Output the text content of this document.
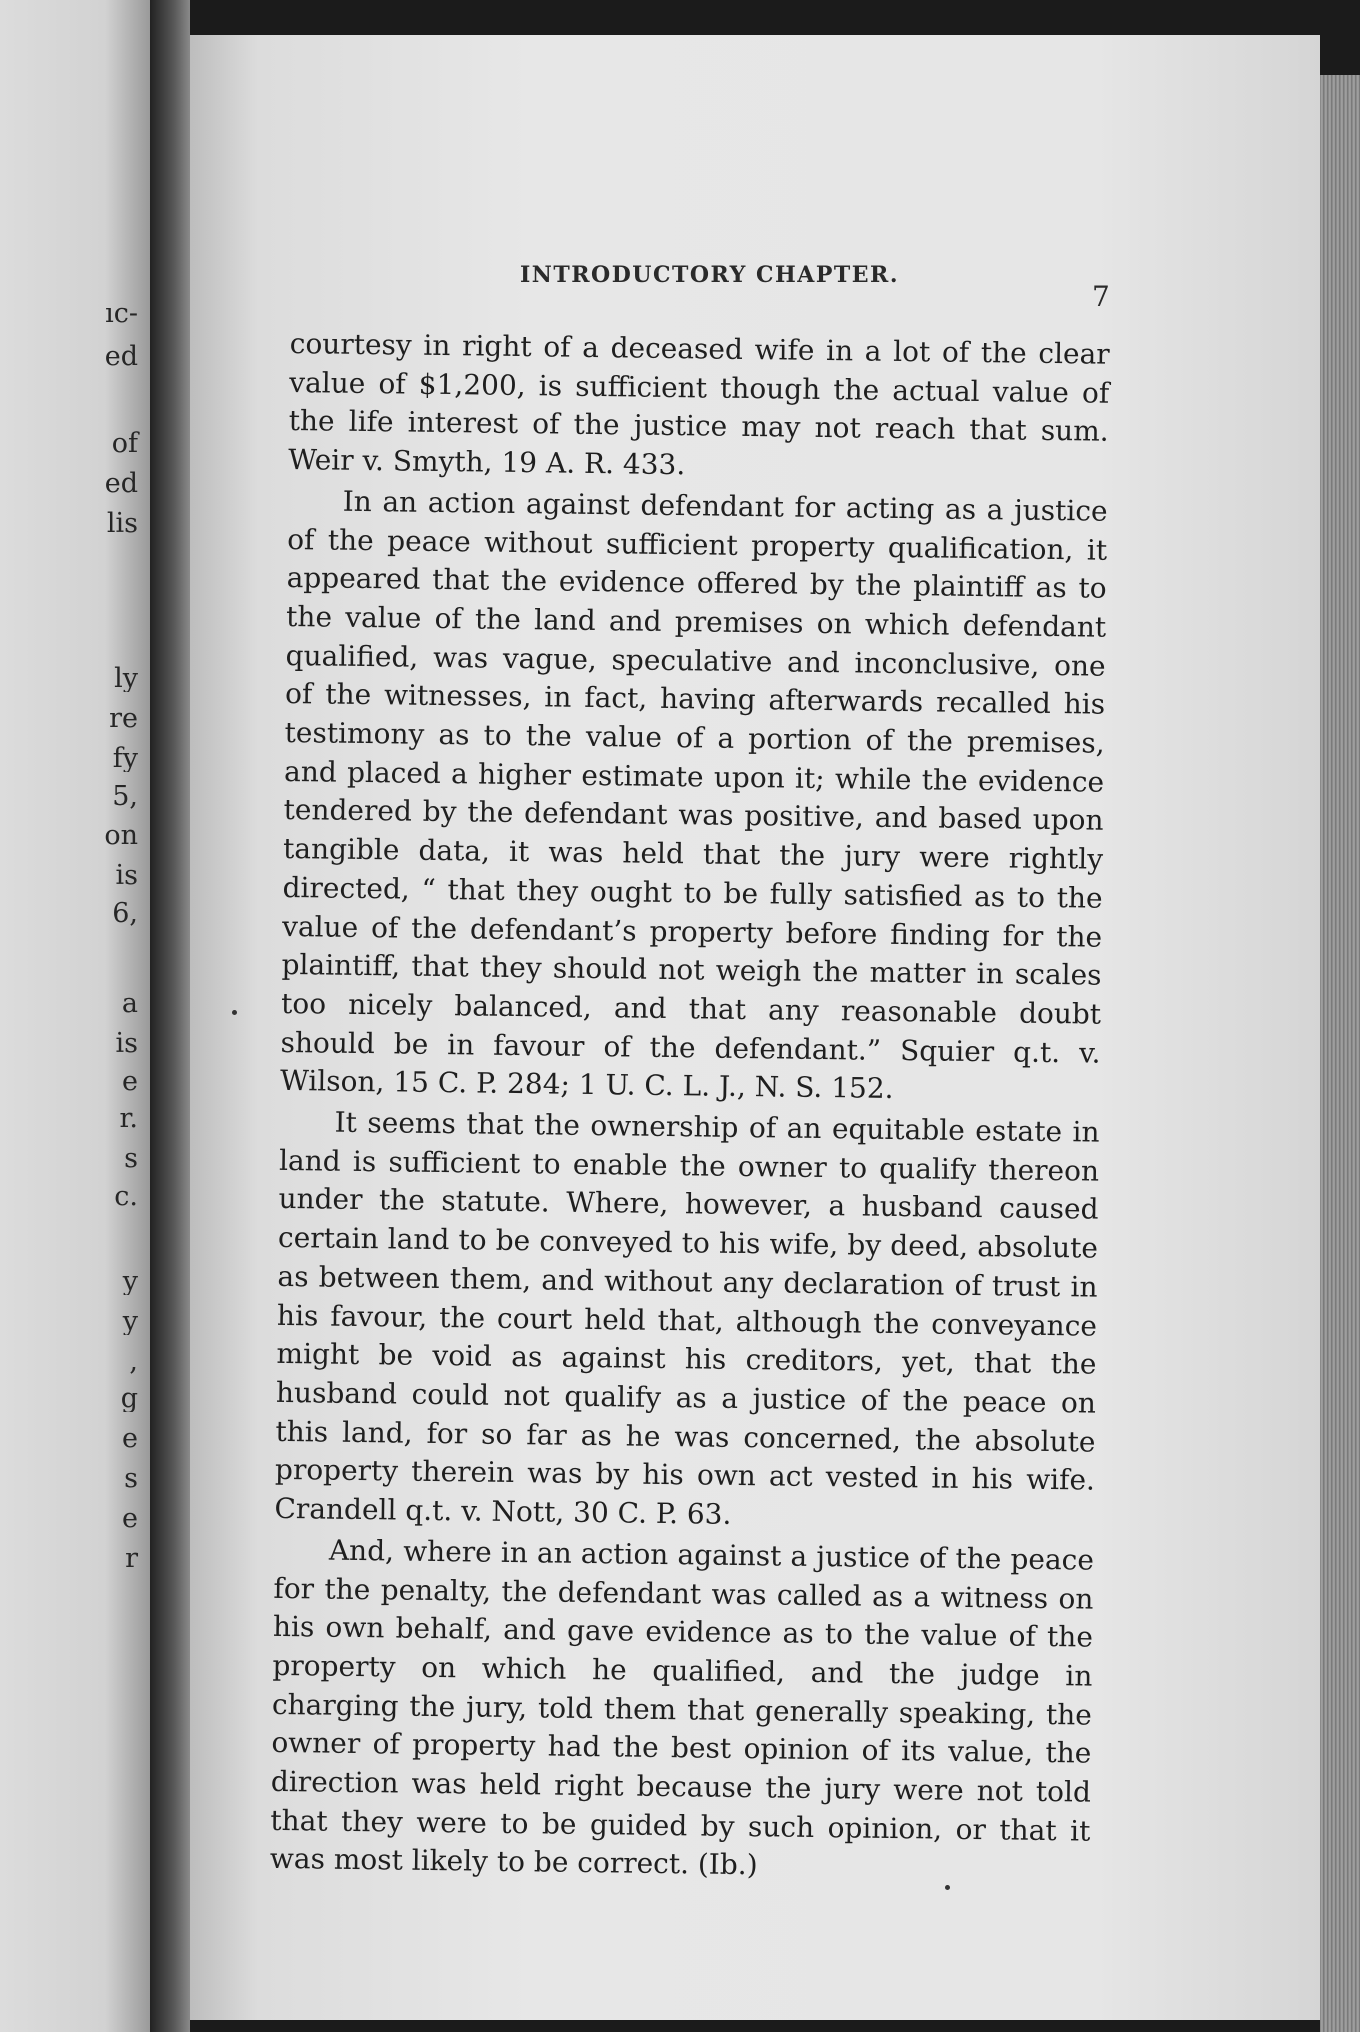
ıc-
ed
of
ed
lis
ly
re
fy
5,
on
is
6,
a
is
e
r.
s
c.
y
y
,
g
e
s
e
r
INTRODUCTORY CHAPTER.
7

courtesy in right of a deceased wife in a lot of the clear value of $1,200, is sufficient though the actual value of the life interest of the justice may not reach that sum. Weir v. Smyth, 19 A. R. 433.

In an action against defendant for acting as a justice of the peace without sufficient property qualification, it appeared that the evidence offered by the plaintiff as to the value of the land and premises on which defendant qualified, was vague, speculative and inconclusive, one of the witnesses, in fact, having afterwards recalled his testimony as to the value of a portion of the premises, and placed a higher estimate upon it; while the evidence tendered by the defendant was positive, and based upon tangible data, it was held that the jury were rightly directed, “ that they ought to be fully satisfied as to the value of the defendant’s property before finding for the plaintiff, that they should not weigh the matter in scales too nicely balanced, and that any reasonable doubt should be in favour of the defendant.” Squier q.t. v. Wilson, 15 C. P. 284; 1 U. C. L. J., N. S. 152.

It seems that the ownership of an equitable estate in land is sufficient to enable the owner to qualify thereon under the statute. Where, however, a husband caused certain land to be conveyed to his wife, by deed, absolute as between them, and without any declaration of trust in his favour, the court held that, although the conveyance might be void as against his creditors, yet, that the husband could not qualify as a justice of the peace on this land, for so far as he was concerned, the absolute property therein was by his own act vested in his wife. Crandell q.t. v. Nott, 30 C. P. 63.

And, where in an action against a justice of the peace for the penalty, the defendant was called as a witness on his own behalf, and gave evidence as to the value of the property on which he qualified, and the judge in charging the jury, told them that generally speaking, the owner of property had the best opinion of its value, the direction was held right because the jury were not told that they were to be guided by such opinion, or that it was most likely to be correct. (Ib.)
